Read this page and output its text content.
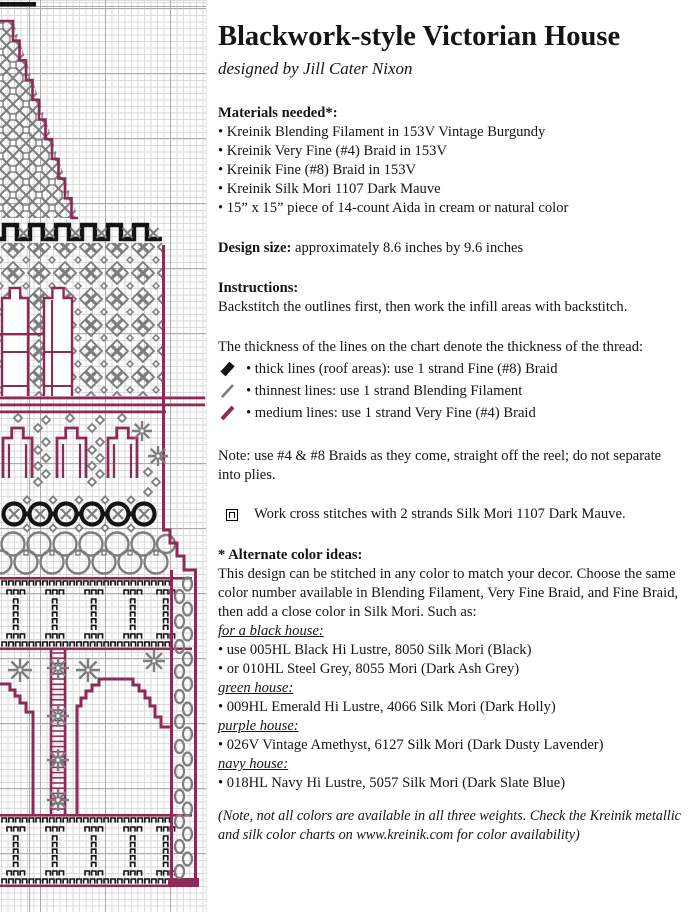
Blackwork-style Victorian House
designed by Jill Cater Nixon
Materials needed*:
• Kreinik Blending Filament in 153V Vintage Burgundy
• Kreinik Very Fine (#4) Braid in 153V
• Kreinik Fine (#8) Braid in 153V
• Kreinik Silk Mori 1107 Dark Mauve
• 15” x 15” piece of 14-count Aida in cream or natural color
Design size: approximately 8.6 inches by 9.6 inches
Instructions:
Backstitch the outlines first, then work the infill areas with backstitch.
The thickness of the lines on the chart denote the thickness of the thread:
• thick lines (roof areas): use 1 strand Fine (#8) Braid
• thinnest lines: use 1 strand Blending Filament
• medium lines: use 1 strand Very Fine (#4) Braid
Note: use #4 & #8 Braids as they come, straight off the reel; do not separate into plies.
Work cross stitches with 2 strands Silk Mori 1107 Dark Mauve.
* Alternate color ideas:
This design can be stitched in any color to match your decor. Choose the same color number available in Blending Filament, Very Fine Braid, and Fine Braid, then add a close color in Silk Mori. Such as:
for a black house:
• use 005HL Black Hi Lustre, 8050 Silk Mori (Black)
• or 010HL Steel Grey, 8055 Mori (Dark Ash Grey)
green house:
• 009HL Emerald Hi Lustre, 4066 Silk Mori (Dark Holly)
purple house:
• 026V Vintage Amethyst, 6127 Silk Mori (Dark Dusty Lavender)
navy house:
• 018HL Navy Hi Lustre, 5057 Silk Mori (Dark Slate Blue)
(Note, not all colors are available in all three weights. Check the Kreinik metallic and silk color charts on www.kreinik.com for color availability)
